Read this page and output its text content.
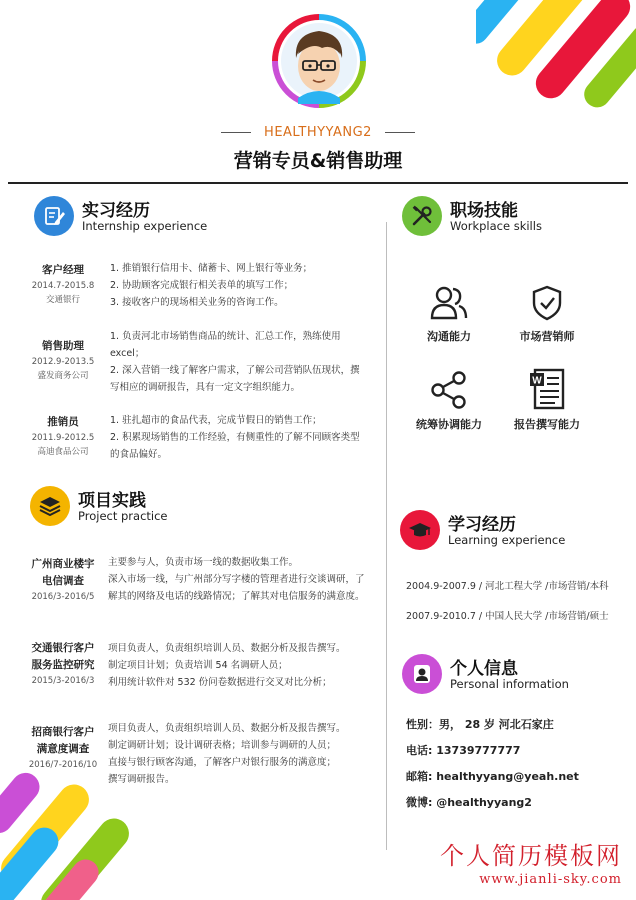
HEALTHYYANG2
营销专员&销售助理
实习经历
Internship experience
客户经理
2014.7-2015.8
交通银行
1. 推销银行信用卡、储蓄卡、网上银行等业务；
2. 协助顾客完成银行相关表单的填写工作；
3. 接收客户的现场相关业务的咨询工作。
销售助理
2012.9-2013.5
盛发商务公司
1. 负责河北市场销售商品的统计、汇总工作，熟练使用
excel；
2. 深入营销一线了解客户需求，了解公司营销队伍现状，撰
写相应的调研报告，具有一定文字组织能力。
推销员
2011.9-2012.5
高迪食品公司
1. 驻扎超市的食品代表，完成节假日的销售工作；
2. 积累现场销售的工作经验，有侧重性的了解不同顾客类型
的食品偏好。
项目实践
Project practice
广州商业楼宇
电信调查
2016/3-2016/5
主要参与人，负责市场一线的数据收集工作。
深入市场一线，与广州部分写字楼的管理者进行交谈调研，了
解其的网络及电话的线路情况；了解其对电信服务的满意度。
交通银行客户
服务监控研究
2015/3-2016/3
项目负责人，负责组织培训人员、数据分析及报告撰写。
制定项目计划；负责培训 54 名调研人员；
利用统计软件对 532 份问卷数据进行交叉对比分析；
招商银行客户
满意度调查
2016/7-2016/10
项目负责人，负责组织培训人员、数据分析及报告撰写。
制定调研计划；设计调研表格；培训参与调研的人员；
直接与银行顾客沟通，了解客户对银行服务的满意度；
撰写调研报告。
职场技能
Workplace skills
沟通能力	市场营销师
统筹协调能力
W
报告撰写能力
学习经历
Learning experience
2004.9-2007.9 / 河北工程大学 /市场营销/本科
2007.9-2010.7 / 中国人民大学 /市场营销/硕士
个人信息
Personal information
性别：男， 28 岁 河北石家庄
电话: 13739777777
邮箱: healthyyang@yeah.net
微博: @healthyyang2
个人简历模板网
www.jianli-sky.com
